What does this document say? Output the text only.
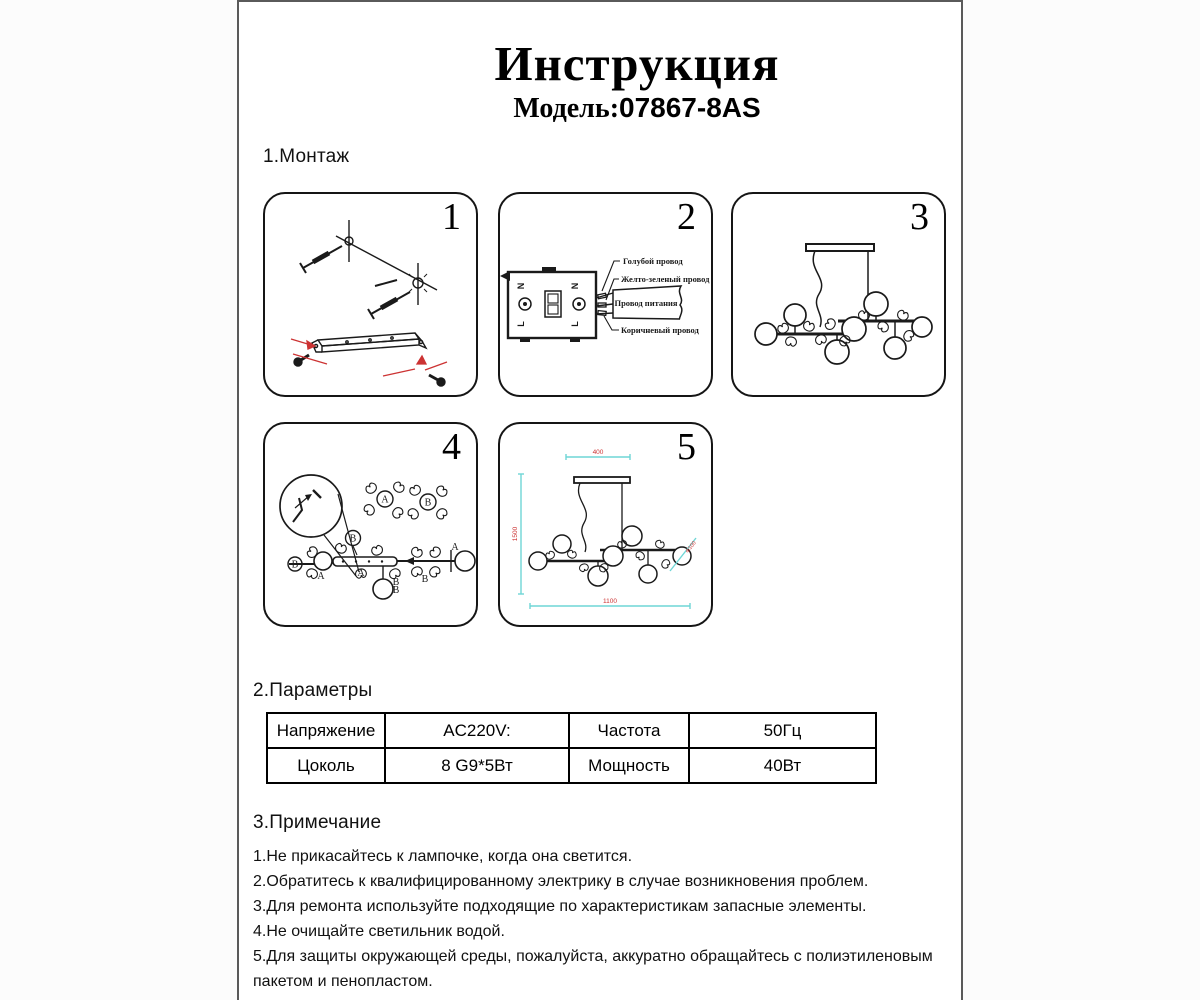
Инструкция
Модель:07867-8AS
1.Монтаж
1	2
N
L
N
L
Голубой провод
Желто-зеленый провод
Провод питания
Коричневый провод
3
4
A	B
B
B
A	A
B
A
B
B
5
400
1500
1100
Φ100
2.Параметры
Напряжение	AC220V:	Частота	50Гц
Цоколь	8 G9*5Вт	Мощность	40Вт
3.Примечание

1.Не прикасайтесь к лампочке, когда она светится.

2.Обратитесь к квалифицированному электрику в случае возникновения проблем.

3.Для ремонта используйте подходящие по характеристикам запасные элементы.

4.Не очищайте светильник водой.

5.Для защиты окружающей среды, пожалуйста, аккуратно обращайтесь с полиэтиленовым пакетом и пенопластом.
